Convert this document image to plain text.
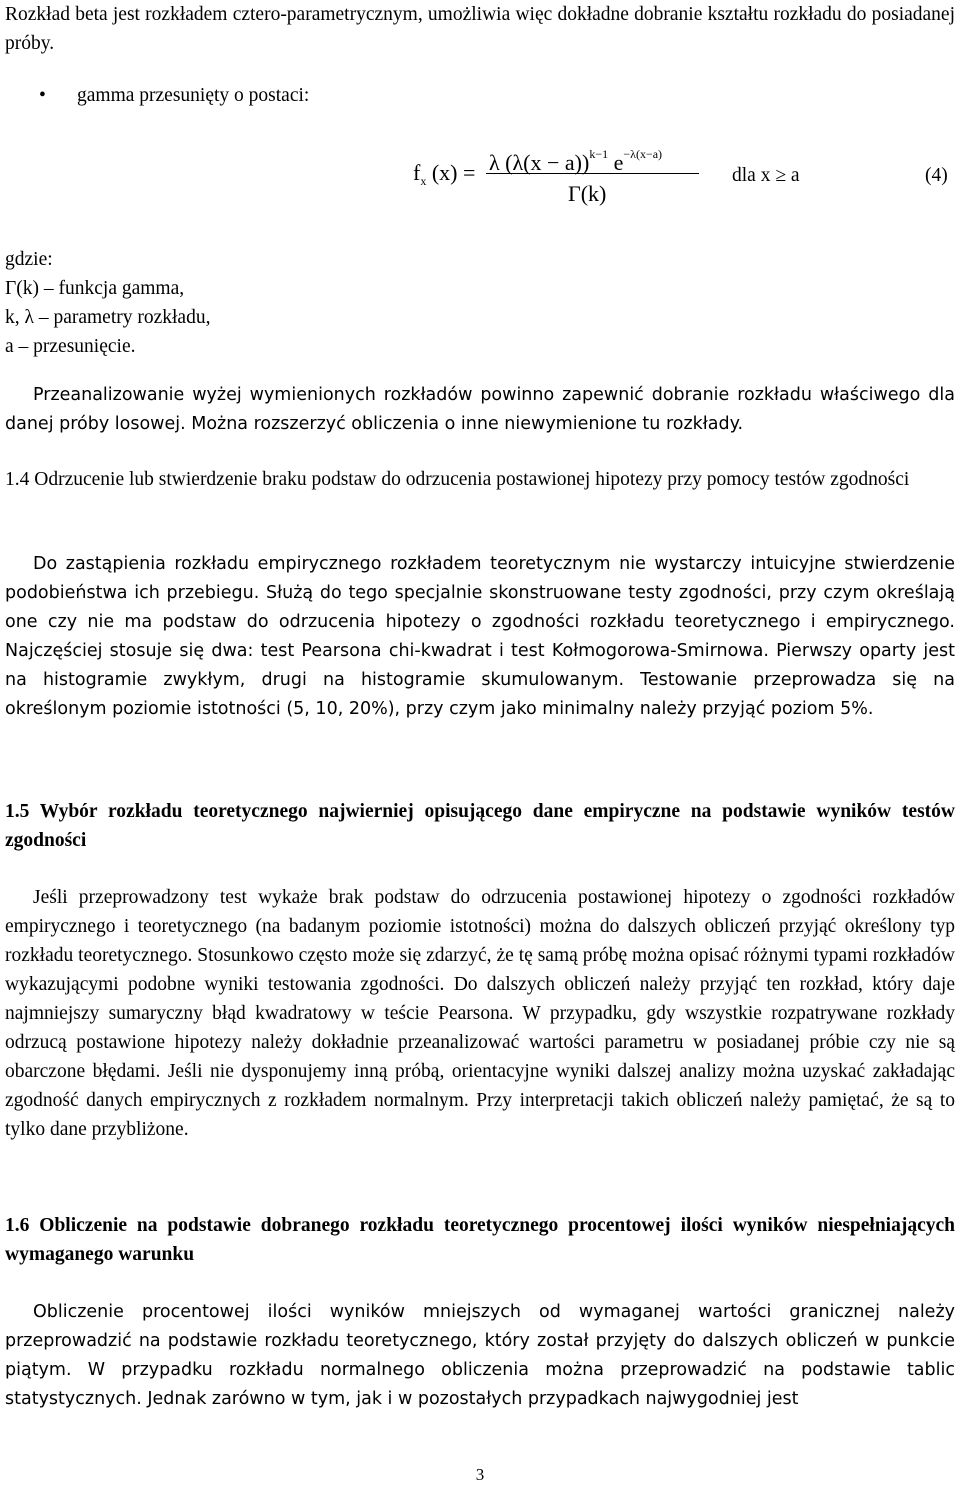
Rozkład beta jest rozkładem cztero-parametrycznym, umożliwia więc dokładne dobranie kształtu rozkładu do posiadanej próby.

• gamma przesunięty o postaci:
$f_x$ (x) = λ $(\lambda(x - a))^{k-1}$ $e^{-\lambda(x-a)}$
Γ(k)
dla x ≥ a	(4)
gdzie:
Γ(k) – funkcja gamma,
k, λ – parametry rozkładu,
a – przesunięcie.

Przeanalizowanie wyżej wymienionych rozkładów powinno zapewnić dobranie rozkładu właściwego dla danej próby losowej. Można rozszerzyć obliczenia o inne niewymienione tu rozkłady.

1.4 Odrzucenie lub stwierdzenie braku podstaw do odrzucenia postawionej hipotezy przy pomocy testów zgodności

Do zastąpienia rozkładu empirycznego rozkładem teoretycznym nie wystarczy intuicyjne stwierdzenie podobieństwa ich przebiegu. Służą do tego specjalnie skonstruowane testy zgodności, przy czym określają one czy nie ma podstaw do odrzucenia hipotezy o zgodności rozkładu teoretycznego i empirycznego. Najczęściej stosuje się dwa: test Pearsona chi-kwadrat i test Kołmogorowa-Smirnowa. Pierwszy oparty jest na histogramie zwykłym, drugi na histogramie skumulowanym. Testowanie przeprowadza się na określonym poziomie istotności (5, 10, 20%), przy czym jako minimalny należy przyjąć poziom 5%.

1.5 Wybór rozkładu teoretycznego najwierniej opisującego dane empiryczne na podstawie wyników testów zgodności

Jeśli przeprowadzony test wykaże brak podstaw do odrzucenia postawionej hipotezy o zgodności rozkładów empirycznego i teoretycznego (na badanym poziomie istotności) można do dalszych obliczeń przyjąć określony typ rozkładu teoretycznego. Stosunkowo często może się zdarzyć, że tę samą próbę można opisać różnymi typami rozkładów wykazującymi podobne wyniki testowania zgodności. Do dalszych obliczeń należy przyjąć ten rozkład, który daje najmniejszy sumaryczny błąd kwadratowy w teście Pearsona. W przypadku, gdy wszystkie rozpatrywane rozkłady odrzucą postawione hipotezy należy dokładnie przeanalizować wartości parametru w posiadanej próbie czy nie są obarczone błędami. Jeśli nie dysponujemy inną próbą, orientacyjne wyniki dalszej analizy można uzyskać zakładając zgodność danych empirycznych z rozkładem normalnym. Przy interpretacji takich obliczeń należy pamiętać, że są to tylko dane przybliżone.

1.6 Obliczenie na podstawie dobranego rozkładu teoretycznego procentowej ilości wyników niespełniających wymaganego warunku

Obliczenie procentowej ilości wyników mniejszych od wymaganej wartości granicznej należy przeprowadzić na podstawie rozkładu teoretycznego, który został przyjęty do dalszych obliczeń w punkcie piątym. W przypadku rozkładu normalnego obliczenia można przeprowadzić na podstawie tablic statystycznych. Jednak zarówno w tym, jak i w pozostałych przypadkach najwygodniej jest

3
